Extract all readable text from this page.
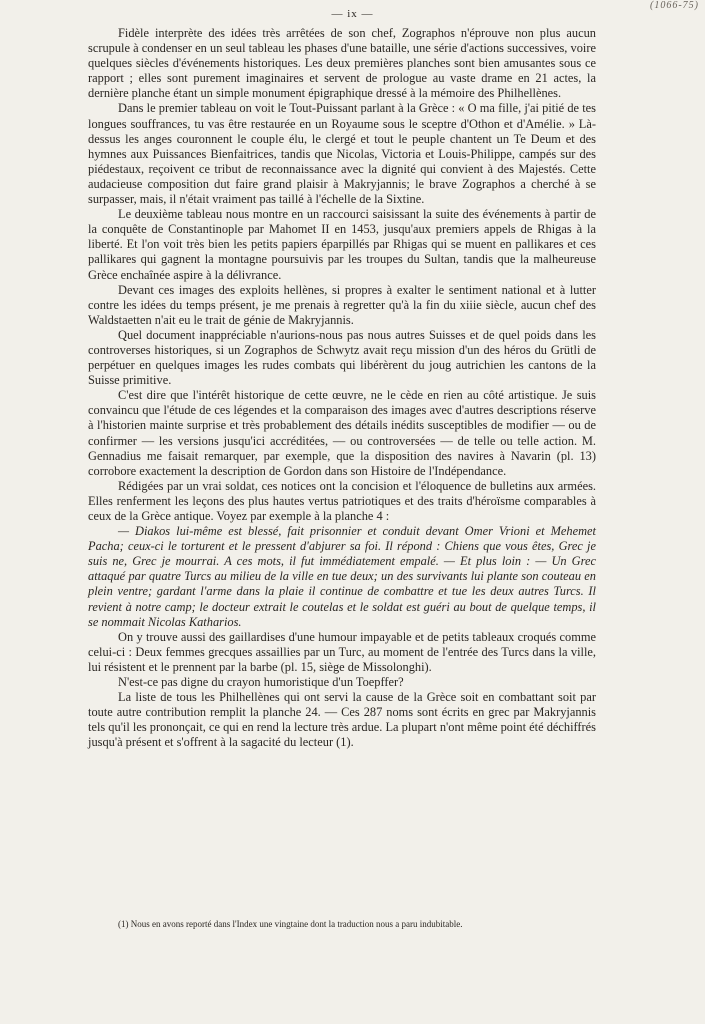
(1066-75)
— ix —

Fidèle interprète des idées très arrêtées de son chef, Zographos n'éprouve non plus aucun scrupule à condenser en un seul tableau les phases d'une bataille, une série d'actions successives, voire quelques siècles d'événements historiques. Les deux premières planches sont bien amusantes sous ce rapport ; elles sont purement imaginaires et servent de prologue au vaste drame en 21 actes, la dernière planche étant un simple monument épigraphique dressé à la mémoire des Philhellènes.

Dans le premier tableau on voit le Tout-Puissant parlant à la Grèce : « O ma fille, j'ai pitié de tes longues souffrances, tu vas être restaurée en un Royaume sous le sceptre d'Othon et d'Amélie. » Là-dessus les anges couronnent le couple élu, le clergé et tout le peuple chantent un Te Deum et des hymnes aux Puissances Bienfaitrices, tandis que Nicolas, Victoria et Louis-Philippe, campés sur des piédestaux, reçoivent ce tribut de reconnaissance avec la dignité qui convient à des Majestés. Cette audacieuse composition dut faire grand plaisir à Makryjannis; le brave Zographos a cherché à se surpasser, mais, il n'était vraiment pas taillé à l'échelle de la Sixtine.

Le deuxième tableau nous montre en un raccourci saisissant la suite des événements à partir de la conquête de Constantinople par Mahomet II en 1453, jusqu'aux premiers appels de Rhigas à la liberté. Et l'on voit très bien les petits papiers éparpillés par Rhigas qui se muent en pallikares et ces pallikares qui gagnent la montagne poursuivis par les troupes du Sultan, tandis que la malheureuse Grèce enchaînée aspire à la délivrance.

Devant ces images des exploits hellènes, si propres à exalter le sentiment national et à lutter contre les idées du temps présent, je me prenais à regretter qu'à la fin du xiiie siècle, aucun chef des Waldstaetten n'ait eu le trait de génie de Makryjannis.

Quel document inappréciable n'aurions-nous pas nous autres Suisses et de quel poids dans les controverses historiques, si un Zographos de Schwytz avait reçu mission d'un des héros du Grütli de perpétuer en quelques images les rudes combats qui libérèrent du joug autrichien les cantons de la Suisse primitive.

C'est dire que l'intérêt historique de cette œuvre, ne le cède en rien au côté artistique. Je suis convaincu que l'étude de ces légendes et la comparaison des images avec d'autres descriptions réserve à l'historien mainte surprise et très probablement des détails inédits susceptibles de modifier — ou de confirmer — les versions jusqu'ici accréditées, — ou controversées — de telle ou telle action. M. Gennadius me faisait remarquer, par exemple, que la disposition des navires à Navarin (pl. 13) corrobore exactement la description de Gordon dans son Histoire de l'Indépendance.

Rédigées par un vrai soldat, ces notices ont la concision et l'éloquence de bulletins aux armées. Elles renferment les leçons des plus hautes vertus patriotiques et des traits d'héroïsme comparables à ceux de la Grèce antique. Voyez par exemple à la planche 4 :

— Diakos lui-même est blessé, fait prisonnier et conduit devant Omer Vrioni et Mehemet Pacha; ceux-ci le torturent et le pressent d'abjurer sa foi. Il répond : Chiens que vous êtes, Grec je suis ne, Grec je mourrai. A ces mots, il fut immédiatement empalé. — Et plus loin : — Un Grec attaqué par quatre Turcs au milieu de la ville en tue deux; un des survivants lui plante son couteau en plein ventre; gardant l'arme dans la plaie il continue de combattre et tue les deux autres Turcs. Il revient à notre camp; le docteur extrait le coutelas et le soldat est guéri au bout de quelque temps, il se nommait Nicolas Katharios.

On y trouve aussi des gaillardises d'une humour impayable et de petits tableaux croqués comme celui-ci : Deux femmes grecques assaillies par un Turc, au moment de l'entrée des Turcs dans la ville, lui résistent et le prennent par la barbe (pl. 15, siège de Missolonghi).

N'est-ce pas digne du crayon humoristique d'un Toepffer?

La liste de tous les Philhellènes qui ont servi la cause de la Grèce soit en combattant soit par toute autre contribution remplit la planche 24. — Ces 287 noms sont écrits en grec par Makryjannis tels qu'il les prononçait, ce qui en rend la lecture très ardue. La plupart n'ont même point été déchiffrés jusqu'à présent et s'offrent à la sagacité du lecteur (1).

(1) Nous en avons reporté dans l'Index une vingtaine dont la traduction nous a paru indubitable.
